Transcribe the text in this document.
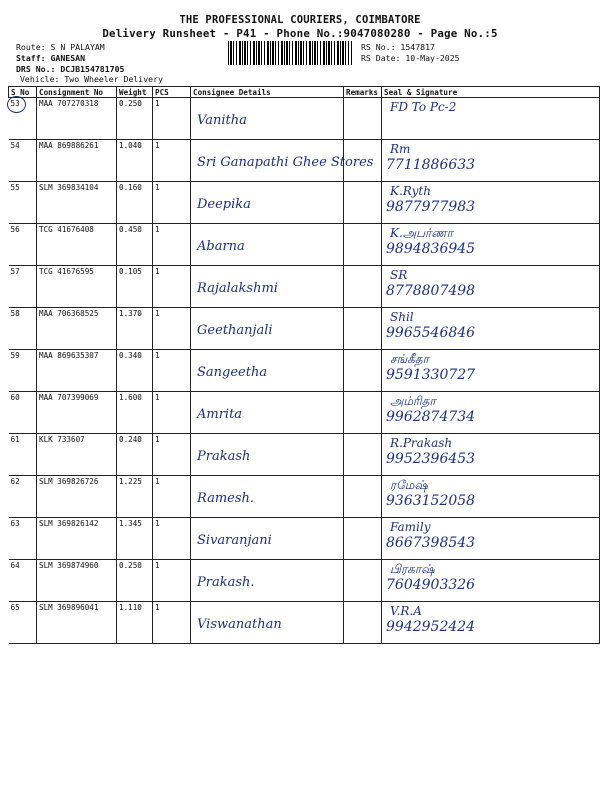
THE PROFESSIONAL COURIERS, COIMBATORE
Delivery Runsheet - P41 - Phone No.:9047080280 - Page No.:5
Route: S N PALAYAM
Staff: GANESAN
DRS No.: DCJB154781705
Vehicle: Two Wheeler Delivery
RS No.: 1547817
RS Date: 10-May-2025
S No	Consignment No	Weight	PCS	Consignee Details	Remarks	Seal & Signature

53	MAA 707270318	0.250	1	Vanitha		FD To Pc-2

54	MAA 869886261	1.040	1	Sri Ganapathi Ghee Stores		Rm
7711886633

55	SLM 369834104	0.160	1	Deepika		K.Ryth
9877977983

56	TCG 41676408	0.450	1	Abarna		K.அபர்ணா
9894836945

57	TCG 41676595	0.105	1	Rajalakshmi		SR
8778807498

58	MAA 706368525	1.370	1	Geethanjali		Shil
9965546846

59	MAA 869635307	0.340	1	Sangeetha		சங்கீதா
9591330727

60	MAA 707399069	1.600	1	Amrita		அம்ரிதா
9962874734

61	KLK 733607	0.240	1	Prakash		R.Prakash
9952396453

62	SLM 369826726	1.225	1	Ramesh.		ரமேஷ்
9363152058

63	SLM 369826142	1.345	1	Sivaranjani		Family
8667398543

64	SLM 369874960	0.250	1	Prakash.		பிரகாஷ்
7604903326

65	SLM 369896041	1.110	1	Viswanathan		V.R.A
9942952424
